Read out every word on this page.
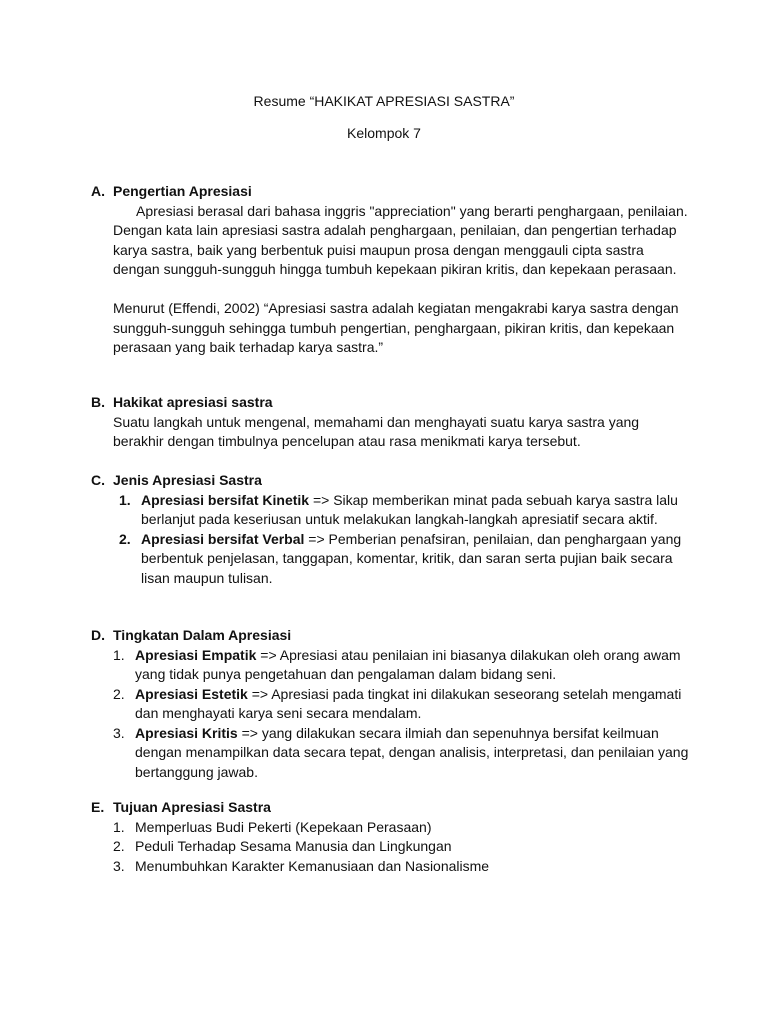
Resume “HAKIKAT APRESIASI SASTRA”
Kelompok 7
A. Pengertian Apresiasi
Apresiasi berasal dari bahasa inggris "appreciation" yang berarti penghargaan, penilaian. Dengan kata lain apresiasi sastra adalah penghargaan, penilaian, dan pengertian terhadap karya sastra, baik yang berbentuk puisi maupun prosa dengan menggauli cipta sastra dengan sungguh-sungguh hingga tumbuh kepekaan pikiran kritis, dan kepekaan perasaan.
Menurut (Effendi, 2002) “Apresiasi sastra adalah kegiatan mengakrabi karya sastra dengan sungguh-sungguh sehingga tumbuh pengertian, penghargaan, pikiran kritis, dan kepekaan perasaan yang baik terhadap karya sastra.”
B. Hakikat apresiasi sastra
Suatu langkah untuk mengenal, memahami dan menghayati suatu karya sastra yang berakhir dengan timbulnya pencelupan atau rasa menikmati karya tersebut.
C. Jenis Apresiasi Sastra
1. Apresiasi bersifat Kinetik => Sikap memberikan minat pada sebuah karya sastra lalu berlanjut pada keseriusan untuk melakukan langkah-langkah apresiatif secara aktif.
2. Apresiasi bersifat Verbal => Pemberian penafsiran, penilaian, dan penghargaan yang berbentuk penjelasan, tanggapan, komentar, kritik, dan saran serta pujian baik secara lisan maupun tulisan.
D. Tingkatan Dalam Apresiasi
1. Apresiasi Empatik => Apresiasi atau penilaian ini biasanya dilakukan oleh orang awam yang tidak punya pengetahuan dan pengalaman dalam bidang seni.
2. Apresiasi Estetik => Apresiasi pada tingkat ini dilakukan seseorang setelah mengamati dan menghayati karya seni secara mendalam.
3. Apresiasi Kritis => yang dilakukan secara ilmiah dan sepenuhnya bersifat keilmuan dengan menampilkan data secara tepat, dengan analisis, interpretasi, dan penilaian yang bertanggung jawab.
E. Tujuan Apresiasi Sastra
1. Memperluas Budi Pekerti (Kepekaan Perasaan)
2. Peduli Terhadap Sesama Manusia dan Lingkungan
3. Menumbuhkan Karakter Kemanusiaan dan Nasionalisme
